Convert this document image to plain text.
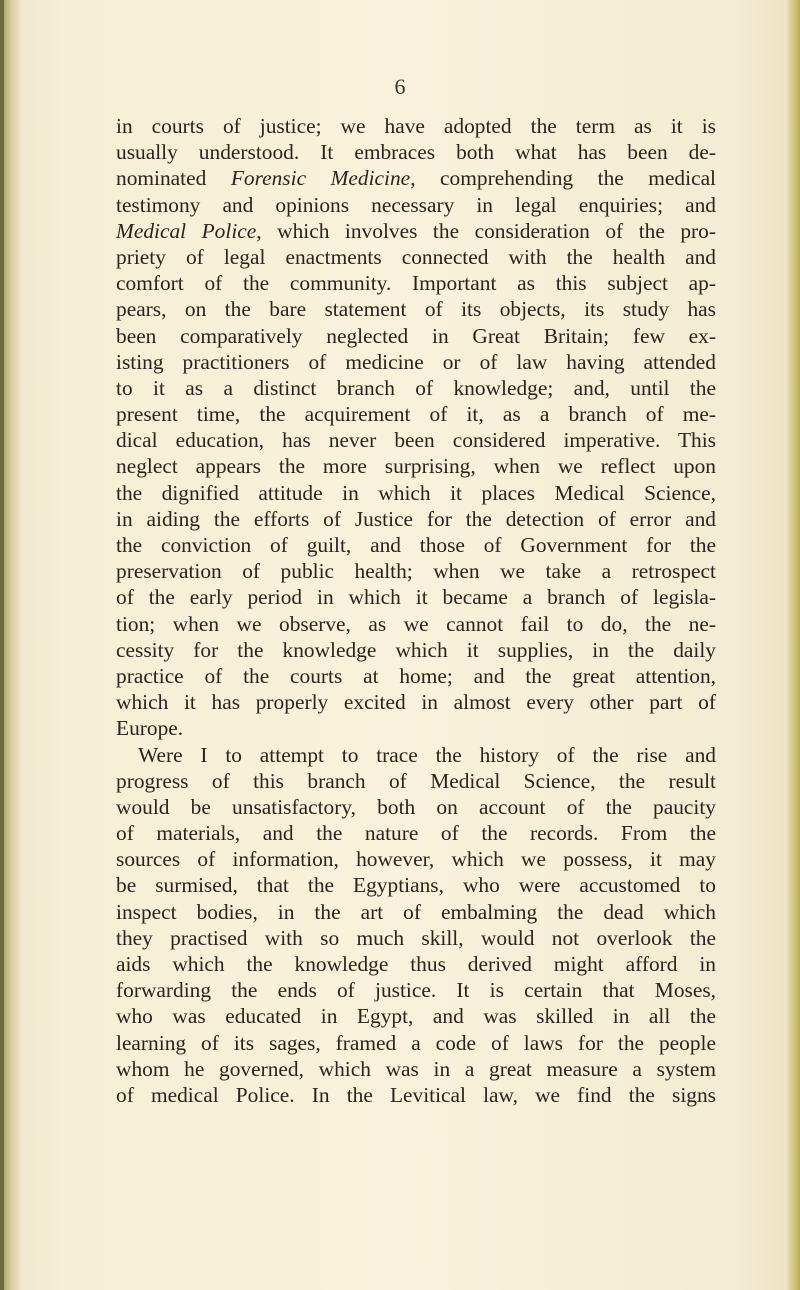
6
in courts of justice; we have adopted the term as it is
usually understood. It embraces both what has been de-
nominated Forensic Medicine, comprehending the medical
testimony and opinions necessary in legal enquiries; and
Medical Police, which involves the consideration of the pro-
priety of legal enactments connected with the health and
comfort of the community. Important as this subject ap-
pears, on the bare statement of its objects, its study has
been comparatively neglected in Great Britain; few ex-
isting practitioners of medicine or of law having attended
to it as a distinct branch of knowledge; and, until the
present time, the acquirement of it, as a branch of me-
dical education, has never been considered imperative. This
neglect appears the more surprising, when we reflect upon
the dignified attitude in which it places Medical Science,
in aiding the efforts of Justice for the detection of error and
the conviction of guilt, and those of Government for the
preservation of public health; when we take a retrospect
of the early period in which it became a branch of legisla-
tion; when we observe, as we cannot fail to do, the ne-
cessity for the knowledge which it supplies, in the daily
practice of the courts at home; and the great attention,
which it has properly excited in almost every other part of
Europe.
Were I to attempt to trace the history of the rise and
progress of this branch of Medical Science, the result
would be unsatisfactory, both on account of the paucity
of materials, and the nature of the records. From the
sources of information, however, which we possess, it may
be surmised, that the Egyptians, who were accustomed to
inspect bodies, in the art of embalming the dead which
they practised with so much skill, would not overlook the
aids which the knowledge thus derived might afford in
forwarding the ends of justice. It is certain that Moses,
who was educated in Egypt, and was skilled in all the
learning of its sages, framed a code of laws for the people
whom he governed, which was in a great measure a system
of medical Police. In the Levitical law, we find the signs
